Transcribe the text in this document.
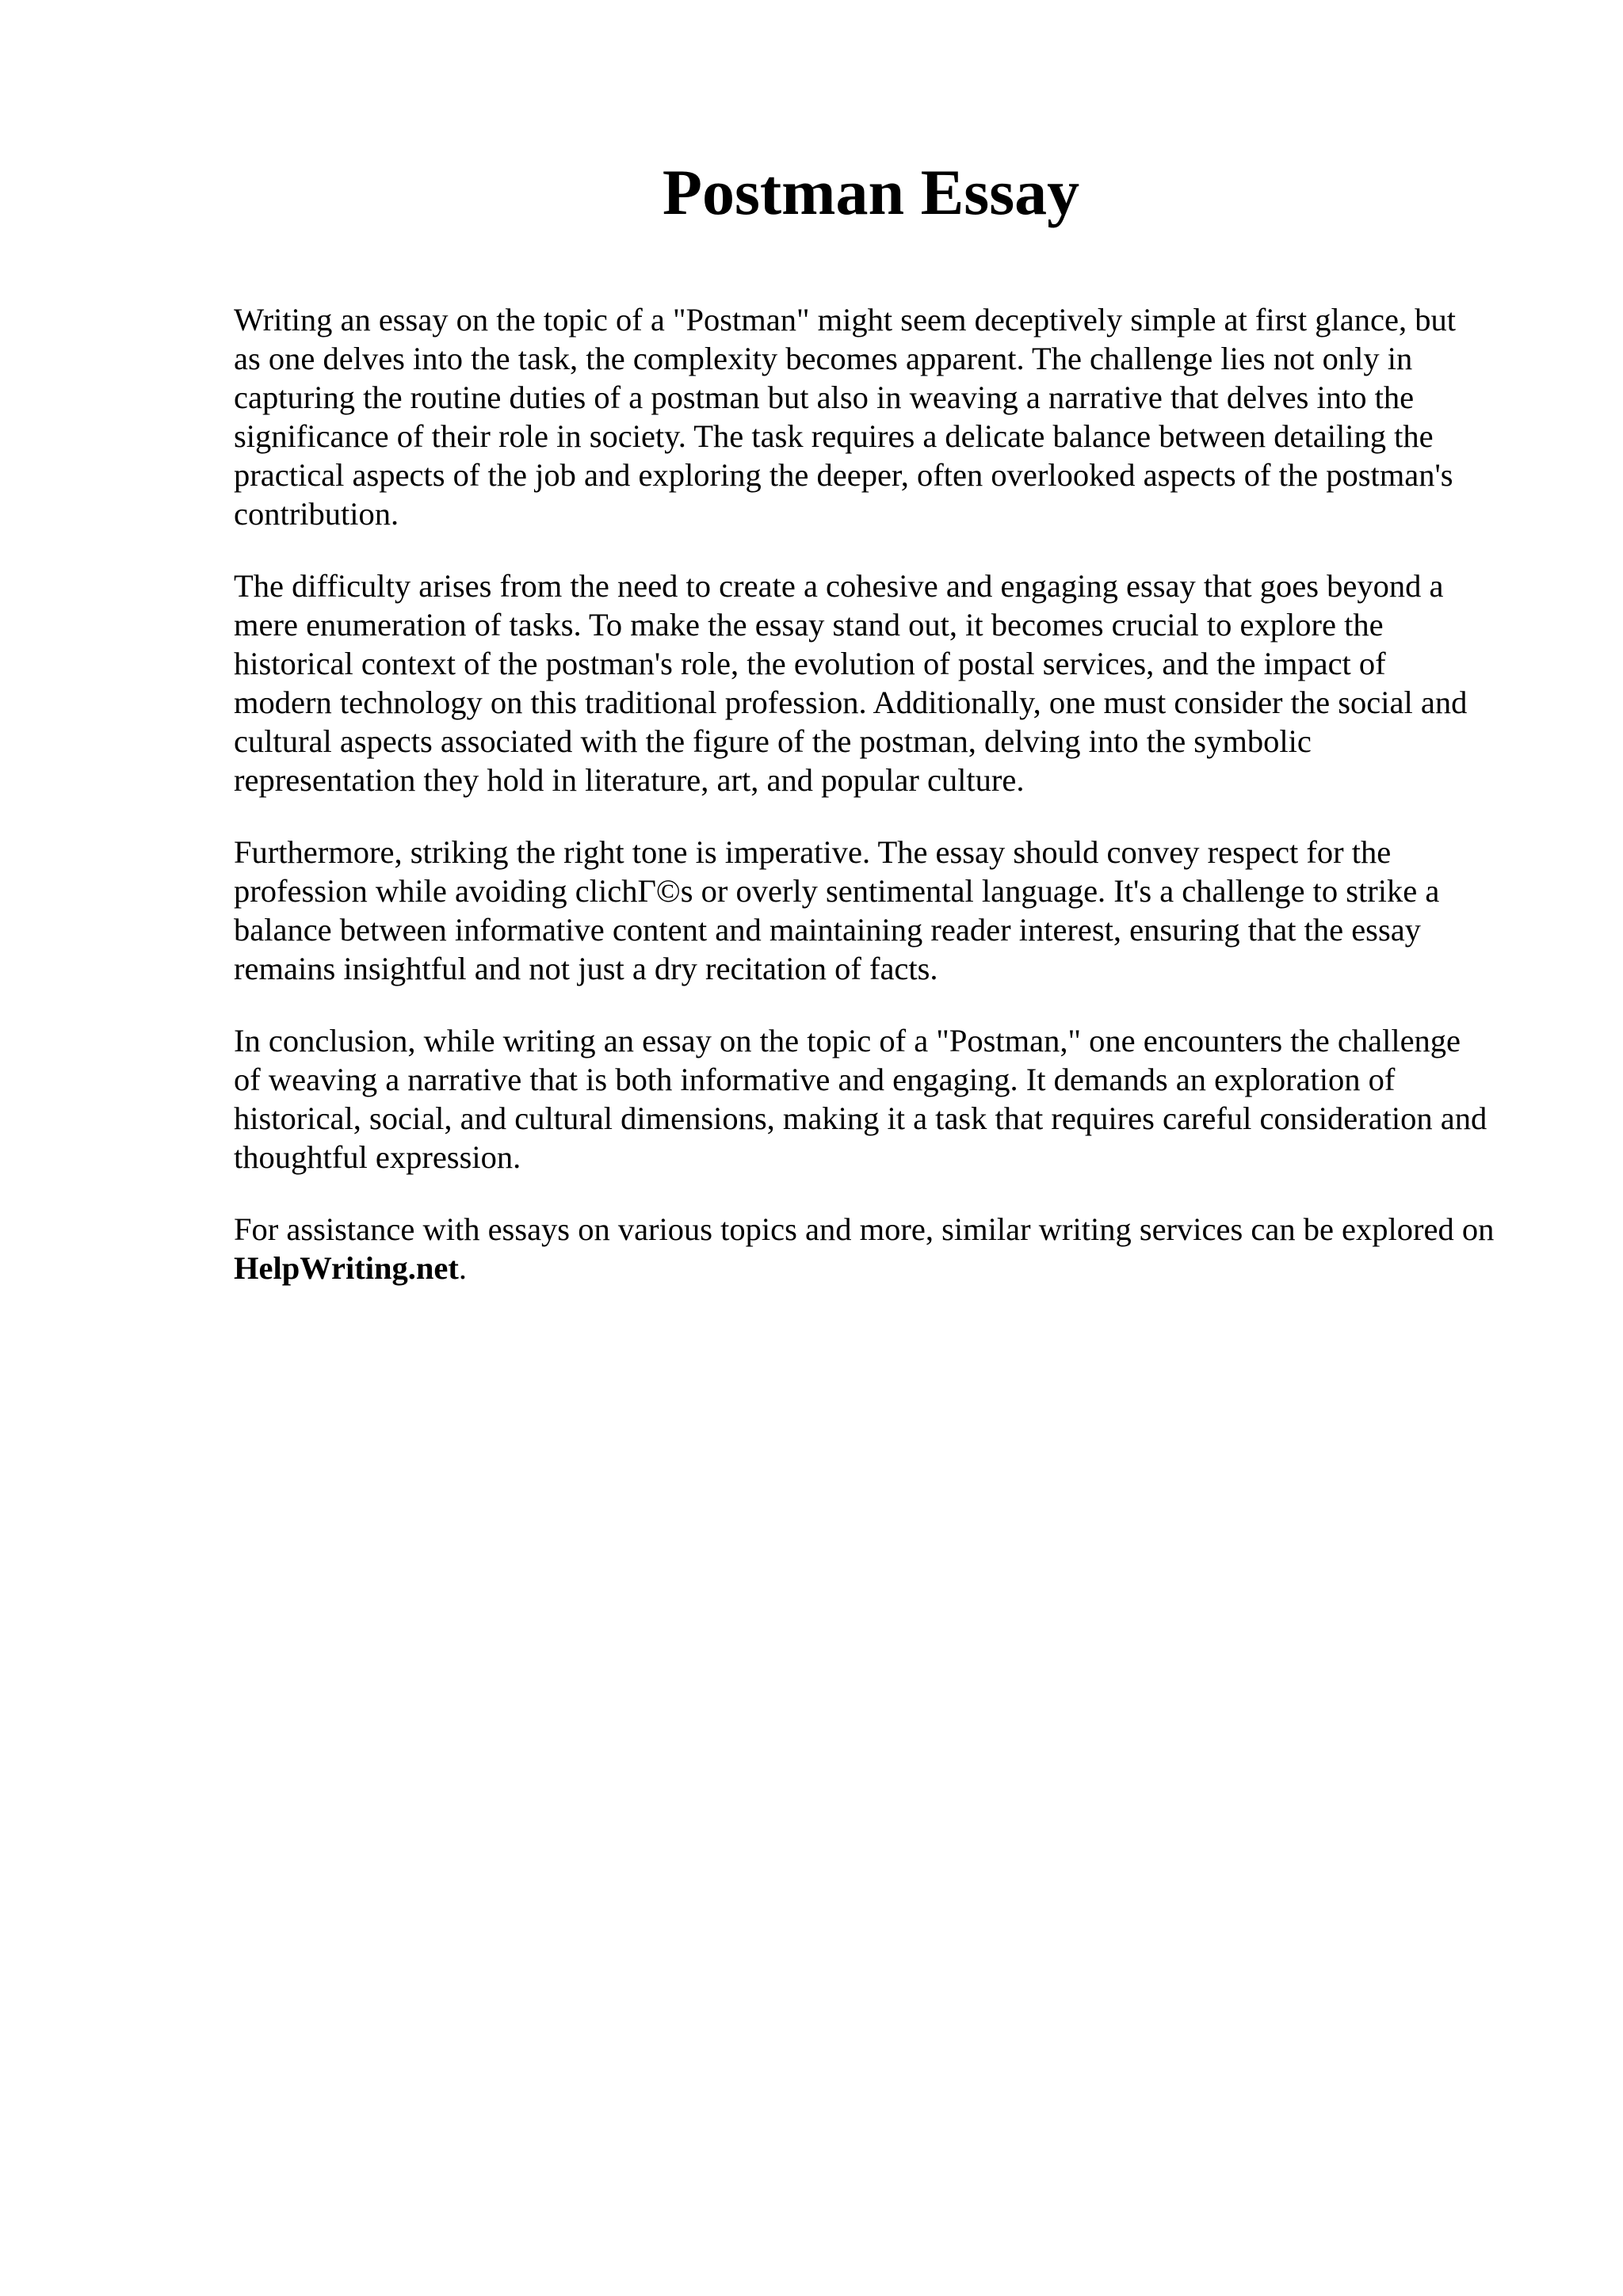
Postman Essay

Writing an essay on the topic of a "Postman" might seem deceptively simple at first glance, but
as one delves into the task, the complexity becomes apparent. The challenge lies not only in
capturing the routine duties of a postman but also in weaving a narrative that delves into the
significance of their role in society. The task requires a delicate balance between detailing the
practical aspects of the job and exploring the deeper, often overlooked aspects of the postman's
contribution.

The difficulty arises from the need to create a cohesive and engaging essay that goes beyond a
mere enumeration of tasks. To make the essay stand out, it becomes crucial to explore the
historical context of the postman's role, the evolution of postal services, and the impact of
modern technology on this traditional profession. Additionally, one must consider the social and
cultural aspects associated with the figure of the postman, delving into the symbolic
representation they hold in literature, art, and popular culture.

Furthermore, striking the right tone is imperative. The essay should convey respect for the
profession while avoiding clichГ©s or overly sentimental language. It's a challenge to strike a
balance between informative content and maintaining reader interest, ensuring that the essay
remains insightful and not just a dry recitation of facts.

In conclusion, while writing an essay on the topic of a "Postman," one encounters the challenge
of weaving a narrative that is both informative and engaging. It demands an exploration of
historical, social, and cultural dimensions, making it a task that requires careful consideration and
thoughtful expression.

For assistance with essays on various topics and more, similar writing services can be explored on
HelpWriting.net.
